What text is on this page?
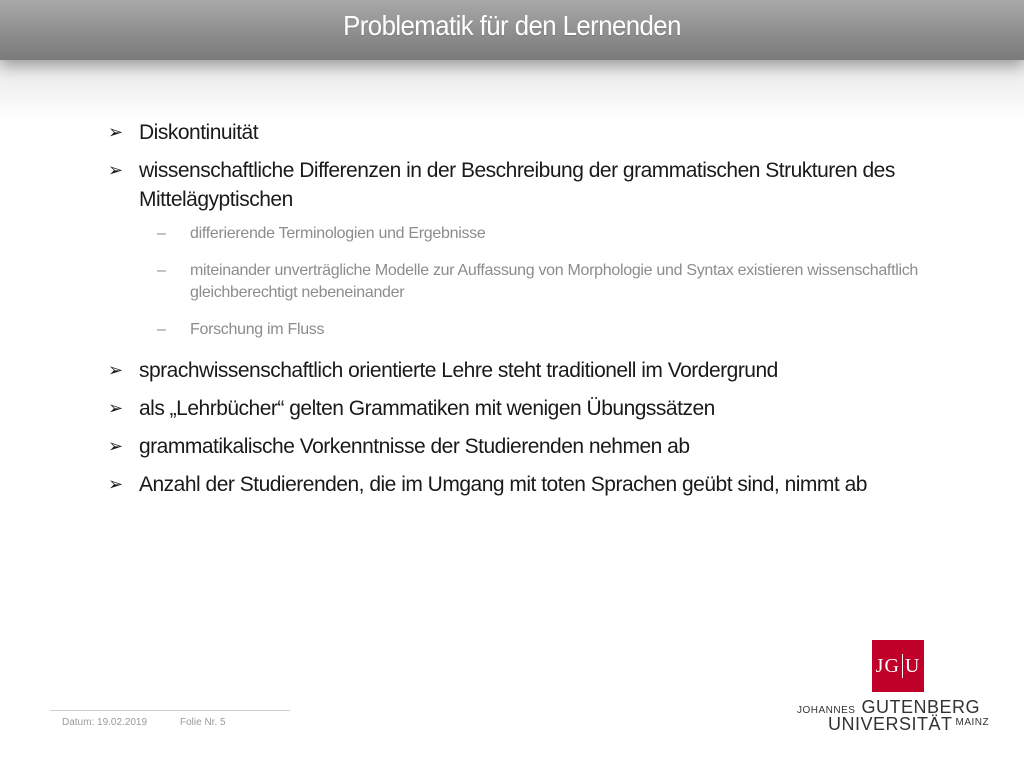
Problematik für den Lernenden
➢ Diskontinuität
➢ wissenschaftliche Differenzen in der Beschreibung der grammatischen Strukturen des Mittelägyptischen
– differierende Terminologien und Ergebnisse
– miteinander unverträgliche Modelle zur Auffassung von Morphologie und Syntax existieren wissenschaftlich gleichberechtigt nebeneinander
– Forschung im Fluss
➢ sprachwissenschaftlich orientierte Lehre steht traditionell im Vordergrund
➢ als „Lehrbücher“ gelten Grammatiken mit wenigen Übungssätzen
➢ grammatikalische Vorkenntnisse der Studierenden nehmen ab
➢ Anzahl der Studierenden, die im Umgang mit toten Sprachen geübt sind, nimmt ab
Datum: 19.02.2019	Folie Nr. 5
JG U
JOHANNES GUTENBERG
UNIVERSITÄT $^{MAINZ}$
